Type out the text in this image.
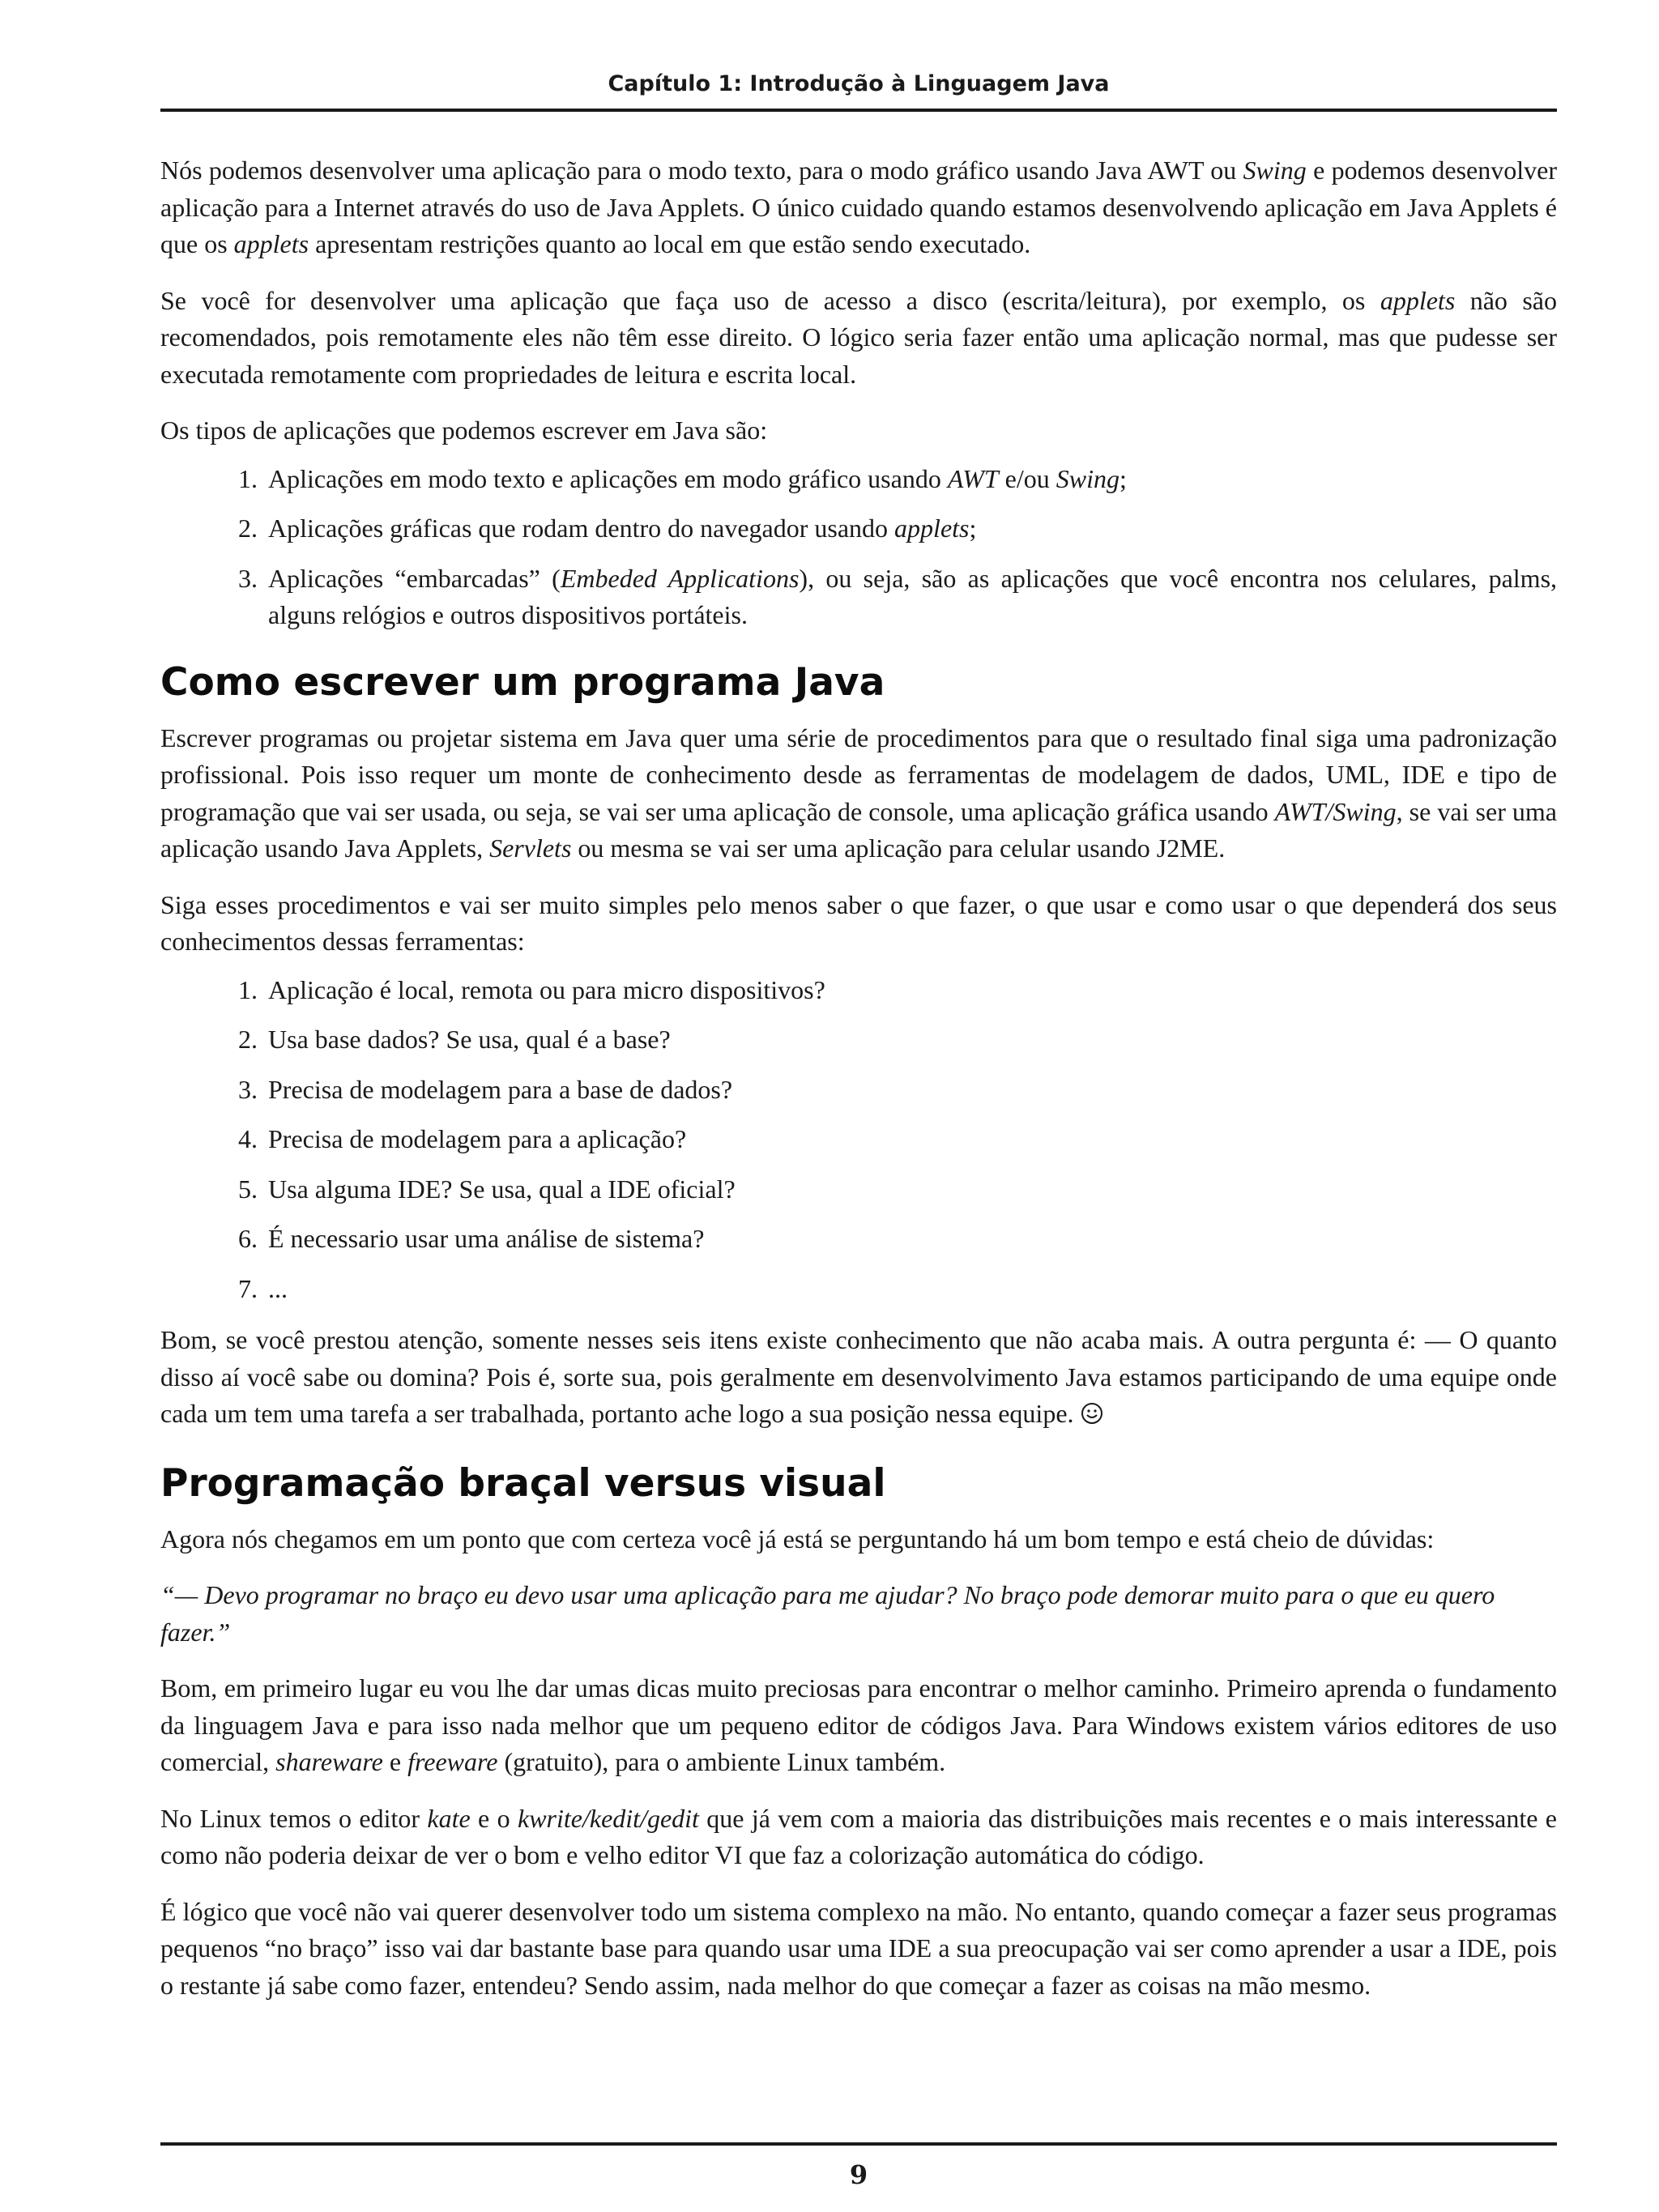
Capítulo 1: Introdução à Linguagem Java

Nós podemos desenvolver uma aplicação para o modo texto, para o modo gráfico usando Java AWT ou Swing e podemos desenvolver aplicação para a Internet através do uso de Java Applets. O único cuidado quando estamos desenvolvendo aplicação em Java Applets é que os applets apresentam restrições quanto ao local em que estão sendo executado.

Se você for desenvolver uma aplicação que faça uso de acesso a disco (escrita/leitura), por exemplo, os applets não são recomendados, pois remotamente eles não têm esse direito. O lógico seria fazer então uma aplicação normal, mas que pudesse ser executada remotamente com propriedades de leitura e escrita local.

Os tipos de aplicações que podemos escrever em Java são:

1. Aplicações em modo texto e aplicações em modo gráfico usando AWT e/ou Swing;
2. Aplicações gráficas que rodam dentro do navegador usando applets;
3. Aplicações “embarcadas” (Embeded Applications), ou seja, são as aplicações que você encontra nos celulares, palms, alguns relógios e outros dispositivos portáteis.
Como escrever um programa Java

Escrever programas ou projetar sistema em Java quer uma série de procedimentos para que o resultado final siga uma padronização profissional. Pois isso requer um monte de conhecimento desde as ferramentas de modelagem de dados, UML, IDE e tipo de programação que vai ser usada, ou seja, se vai ser uma aplicação de console, uma aplicação gráfica usando AWT/Swing, se vai ser uma aplicação usando Java Applets, Servlets ou mesma se vai ser uma aplicação para celular usando J2ME.

Siga esses procedimentos e vai ser muito simples pelo menos saber o que fazer, o que usar e como usar o que dependerá dos seus conhecimentos dessas ferramentas:

1. Aplicação é local, remota ou para micro dispositivos?
2. Usa base dados? Se usa, qual é a base?
3. Precisa de modelagem para a base de dados?
4. Precisa de modelagem para a aplicação?
5. Usa alguma IDE? Se usa, qual a IDE oficial?
6. É necessario usar uma análise de sistema?
7. ...

Bom, se você prestou atenção, somente nesses seis itens existe conhecimento que não acaba mais. A outra pergunta é: — O quanto disso aí você sabe ou domina? Pois é, sorte sua, pois geralmente em desenvolvimento Java estamos participando de uma equipe onde cada um tem uma tarefa a ser trabalhada, portanto ache logo a sua posição nessa equipe.

Programação braçal versus visual

Agora nós chegamos em um ponto que com certeza você já está se perguntando há um bom tempo e está cheio de dúvidas:

“— Devo programar no braço eu devo usar uma aplicação para me ajudar? No braço pode demorar muito para o que eu quero fazer.”

Bom, em primeiro lugar eu vou lhe dar umas dicas muito preciosas para encontrar o melhor caminho. Primeiro aprenda o fundamento da linguagem Java e para isso nada melhor que um pequeno editor de códigos Java. Para Windows existem vários editores de uso comercial, shareware e freeware (gratuito), para o ambiente Linux também.

No Linux temos o editor kate e o kwrite/kedit/gedit que já vem com a maioria das distribuições mais recentes e o mais interessante e como não poderia deixar de ver o bom e velho editor VI que faz a colorização automática do código.

É lógico que você não vai querer desenvolver todo um sistema complexo na mão. No entanto, quando começar a fazer seus programas pequenos “no braço” isso vai dar bastante base para quando usar uma IDE a sua preocupação vai ser como aprender a usar a IDE, pois o restante já sabe como fazer, entendeu? Sendo assim, nada melhor do que começar a fazer as coisas na mão mesmo.

9
